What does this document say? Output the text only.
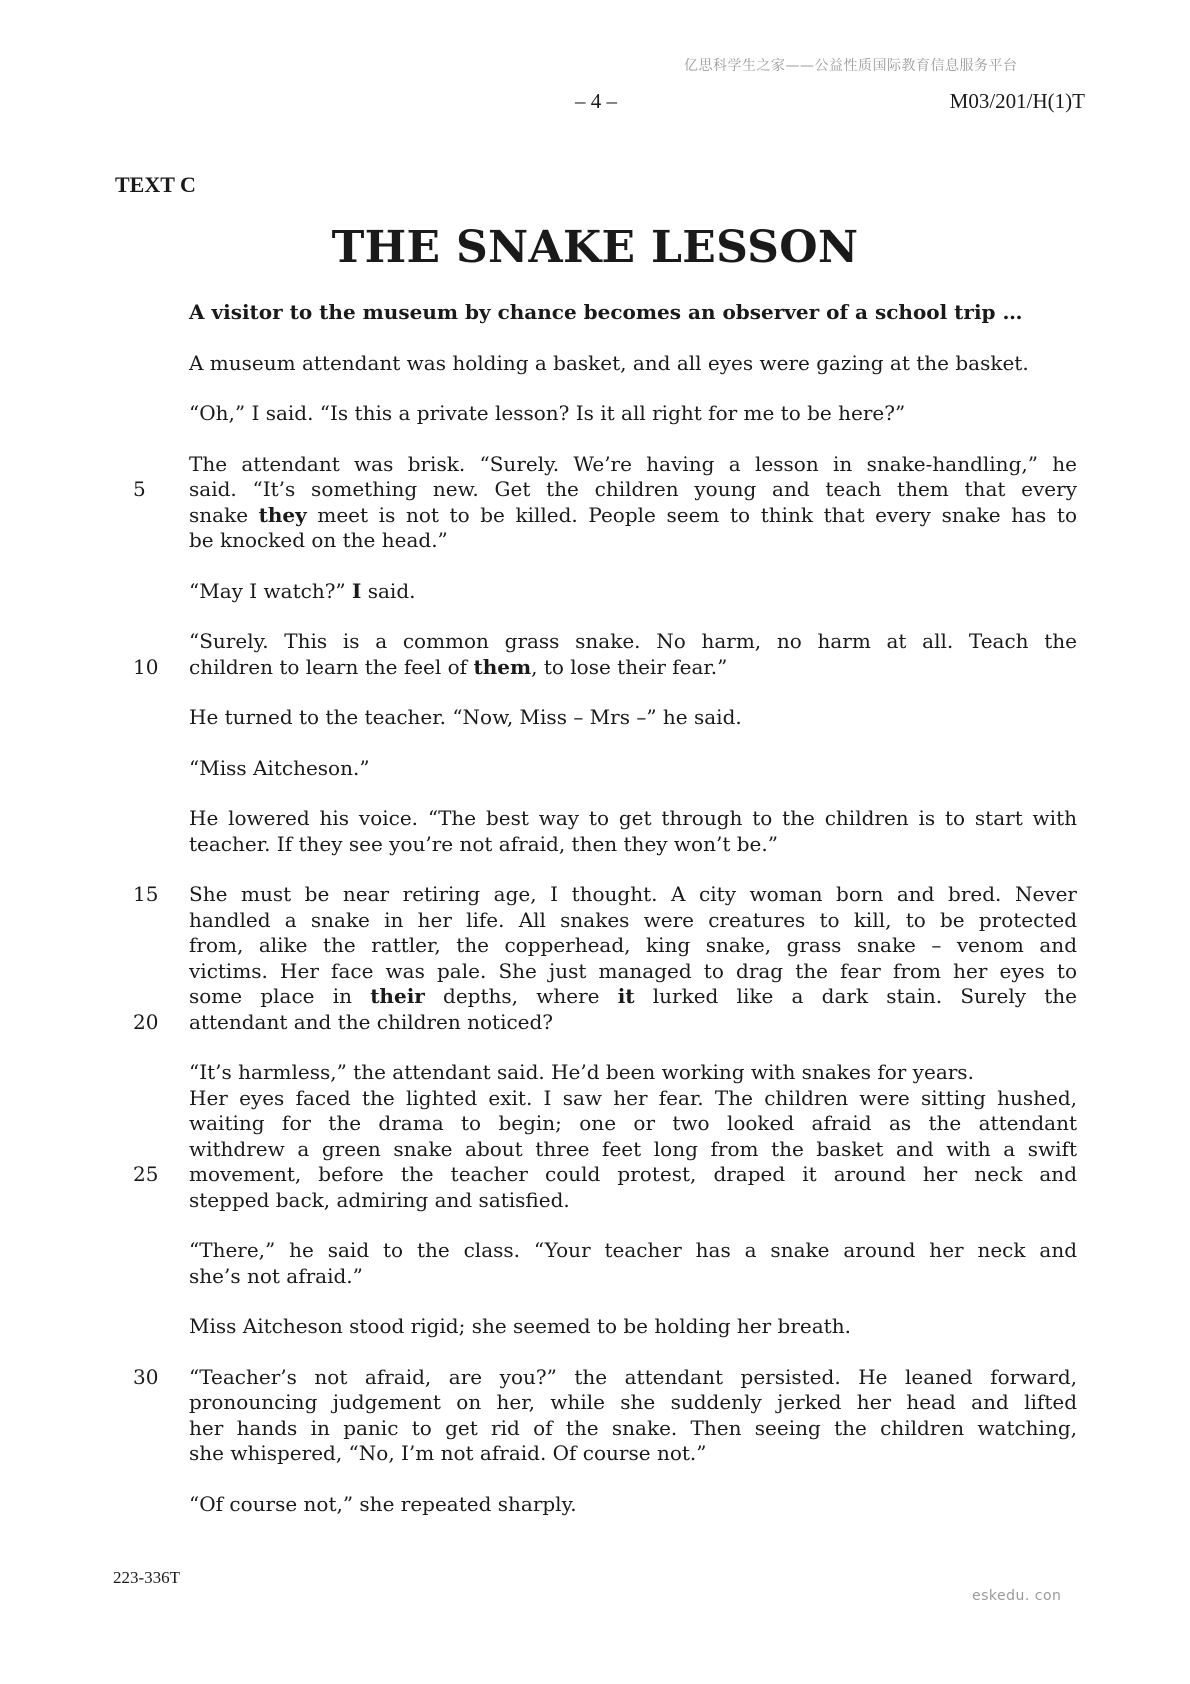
亿思科学生之家——公益性质国际教育信息服务平台
– 4 –	M03/201/H(1)T
TEXT C
THE SNAKE LESSON

A visitor to the museum by chance becomes an observer of a school trip …

A museum attendant was holding a basket, and all eyes were gazing at the basket.

“Oh,” I said. “Is this a private lesson? Is it all right for me to be here?”

The attendant was brisk. “Surely. We’re having a lesson in snake-handling,” he
5	said. “It’s something new. Get the children young and teach them that every
snake they meet is not to be killed. People seem to think that every snake has to
be knocked on the head.”

“May I watch?” I said.

“Surely. This is a common grass snake. No harm, no harm at all. Teach the
10 children to learn the feel of them, to lose their fear.”

He turned to the teacher. “Now, Miss – Mrs –” he said.

“Miss Aitcheson.”

He lowered his voice. “The best way to get through to the children is to start with
teacher. If they see you’re not afraid, then they won’t be.”

15 She must be near retiring age, I thought. A city woman born and bred. Never
handled a snake in her life. All snakes were creatures to kill, to be protected
from, alike the rattler, the copperhead, king snake, grass snake – venom and
victims. Her face was pale. She just managed to drag the fear from her eyes to
some place in their depths, where it lurked like a dark stain. Surely the
20 attendant and the children noticed?

“It’s harmless,” the attendant said. He’d been working with snakes for years.
Her eyes faced the lighted exit. I saw her fear. The children were sitting hushed,
waiting for the drama to begin; one or two looked afraid as the attendant
withdrew a green snake about three feet long from the basket and with a swift
25 movement, before the teacher could protest, draped it around her neck and
stepped back, admiring and satisfied.

“There,” he said to the class. “Your teacher has a snake around her neck and
she’s not afraid.”

Miss Aitcheson stood rigid; she seemed to be holding her breath.

30 “Teacher’s not afraid, are you?” the attendant persisted. He leaned forward,
pronouncing judgement on her, while she suddenly jerked her head and lifted
her hands in panic to get rid of the snake. Then seeing the children watching,
she whispered, “No, I’m not afraid. Of course not.”

“Of course not,” she repeated sharply.

223-336T
eskedu. con
